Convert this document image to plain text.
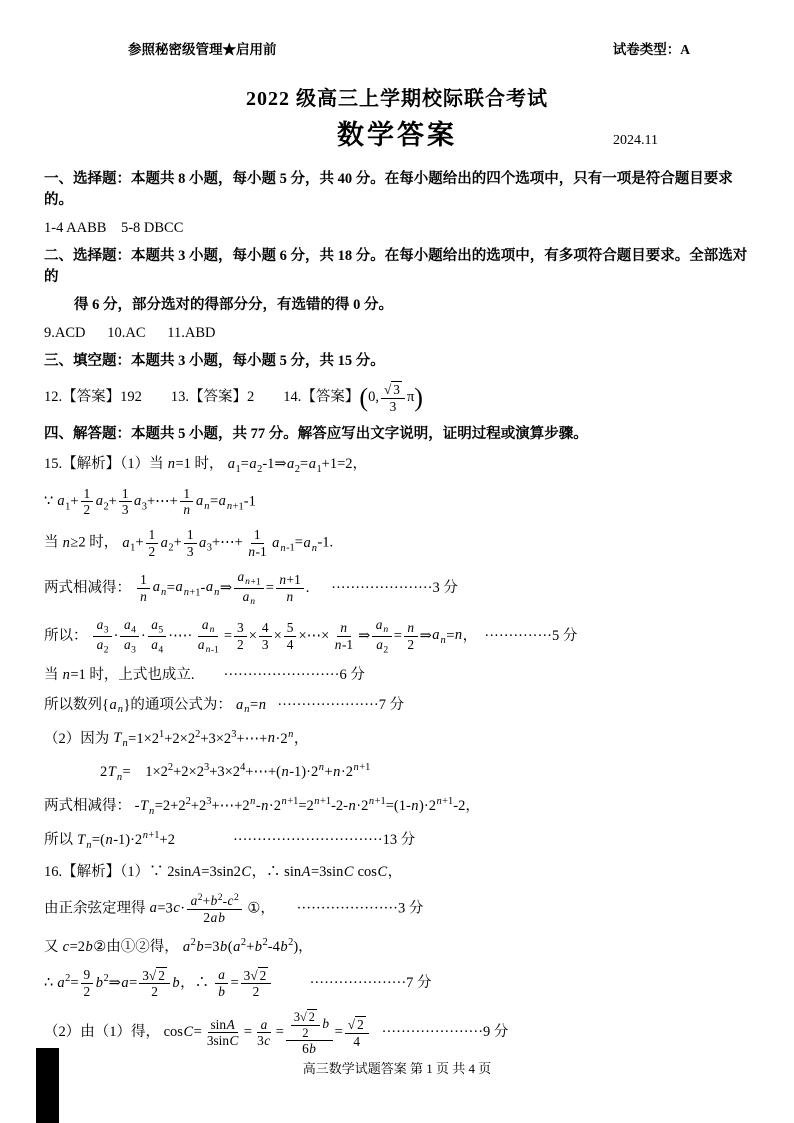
参照秘密级管理★启用前	试卷类型：A
2022 级高三上学期校际联合考试
数学答案	2024.11

一、选择题：本题共 8 小题，每小题 5 分，共 40 分。在每小题给出的四个选项中，只有一项是符合题目要求的。

1-4 AABB    5-8 DBCC

二、选择题：本题共 3 小题，每小题 6 分，共 18 分。在每小题给出的选项中，有多项符合题目要求。全部选对的

得 6 分，部分选对的得部分分，有选错的得 0 分。

9.ACD      10.AC      11.ABD

三、填空题：本题共 3 小题，每小题 5 分，共 15 分。

12.【答案】192        13.【答案】2        14.【答案】 ( 0, $\frac{√ 3}{3}$ π )

四、解答题：本题共 5 小题，共 77 分。解答应写出文字说明，证明过程或演算步骤。

15.【解析】（1）当 n=1 时， $a_1=a_2-1\Rightarrow a_2=a_1+1=2$，

∵ $a_1+ \frac{1}{2} a_2+ \frac{1}{3}$ $a_3+\cdots+ \frac{1}{n} a_n=a_{n+1}-1$

当 n≥2 时， $a_1+ \frac{1}{2} a_2+ \frac{1}{3}$ $a_3+\cdots+ \frac{1}{n-1} a_{n-1}=a_n-1$.

两式相减得： $\frac{1}{n}$ $a_n=a_{n+1}-a_n\Rightarrow \frac{a_{n+1}}{a_n} = \frac{n+1}{n}$ .      ·····················3 分

所以： $\frac{a_3}{a_2} \cdot \frac{a_4}{a_3} \cdot \frac{a_5}{a_4}$ ·⋯· $\frac{a_n}{a_{n-1}} = \frac{3}{2} \times \frac{4}{3} \times \frac{5}{4}$ ×⋯× $\frac{n}{n-1}$ ⇒ $\frac{a_n}{a_2} = \frac{n}{2}$ $\Rightarrow a_n=n$，  ··············5 分

当 n=1 时，上式也成立.        ························6 分

所以数列$\{a_n\}$的通项公式为： $a_n=n \cdot\cdot\cdot\cdot\cdot\cdot\cdot\cdot\cdot\cdot\cdot\cdot\cdot\cdot\cdot\cdot\cdot\cdot\cdot\cdot\cdot 7$ 分

（2）因为 $T_n=1\times 2^1+2\times 2^2+3\times 2^3+\cdots+n\cdot 2^n$，

$2T_n=$    $1\times 2^2+2\times 2^3+3\times 2^4+\cdots+(n-1)\cdot 2^n+n\cdot 2^{n+1}$

两式相减得： $-T_n=2+2^2+2^3+\cdots+2^n-n\cdot 2^{n+1}=2^{n+1}-2-n\cdot 2^{n+1}=(1-n)\cdot 2^{n+1}-2$，

所以 $T_n=(n-1)\cdot 2^{n+1}+2$                ·······························13 分

16.【解析】（1）∵ 2sinA=3sin2C，∴ sinA=3sinC cosC，

由正余弦定理得 $a=3c\cdot \frac{a^2+b^2-c^2}{2ab}$ ①，      ·····················3 分

又 c=2b②由①②得， $a^2b=3b(a^2+b^2-4b^2)$，

∴ $a^2= \frac{9}{2}$ $b^2\Rightarrow a= \frac{3√ 2}{2}$ b，∴ $\frac{a}{b} = \frac{3√ 2}{2} \cdot\cdot\cdot\cdot\cdot\cdot\cdot\cdot\cdot\cdot\cdot\cdot\cdot\cdot\cdot\cdot\cdot\cdot\cdot\cdot 7$ 分

（2）由（1）得， $\cos C= \frac{\sin A}{3\sin C} = \frac{a}{3c} = \frac{\frac{3√ 2}{2} b}{6b} = \frac{√ 2}{4} \cdot\cdot\cdot\cdot\cdot\cdot\cdot\cdot\cdot\cdot\cdot\cdot\cdot\cdot\cdot\cdot\cdot\cdot\cdot\cdot\cdot 9$ 分

高三数学试题答案 第 1 页 共 4 页
